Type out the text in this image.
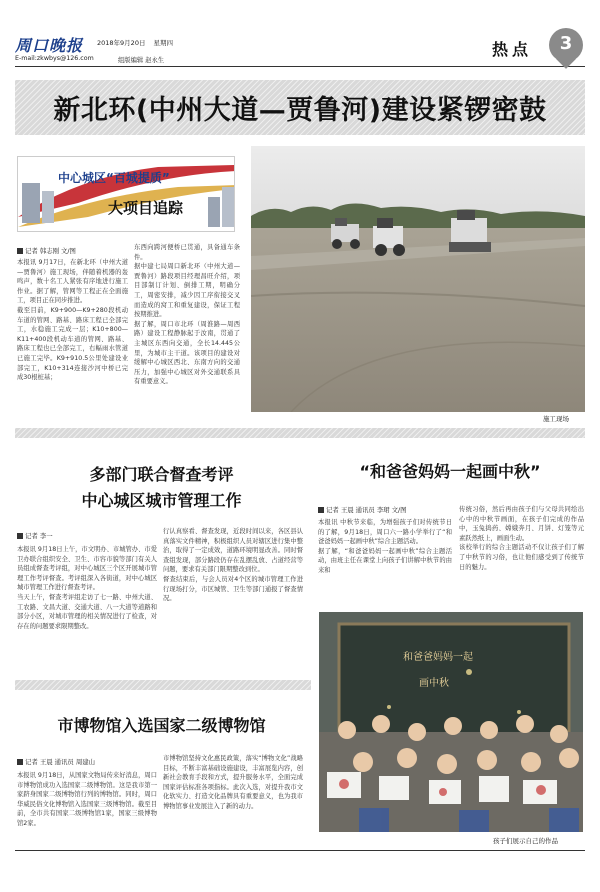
周口晚报 2018年9月20日 星期四
E-mail:zkwbys@126.com	组版编辑 赵永生
热点	3
新北环(中州大道—贾鲁河)建设紧锣密鼓
中心城区“百城提质”
大项目追踪
记者 韩志刚 文/图
本报讯 9月17日，在新北环（中州大道—贾鲁河）施工现场，伴随着机器的轰鸣声，数十名工人紧张有序地进行施工作业。据了解，管网等工程正在全面施工，项目正在同步推进。
截至目前，K9+900—K9+280段机动车道的管网、路基、路床工程已全部完工，水稳施工完成一层；K10+800—K11+400段机动车道的管网、路基、路床工程也已全部完工，右幅雨水管道已施工完毕。K9+910.5公里处建设业部完工，K10+314连接沙河中桥已完成30根桩基；
东西向跨河便桥已贯通，具备通车条件。
据中建七局周口新北环（中州大道—贾鲁河）路段项目经理昌旺介绍，项目部制订计划、倒排工期，明确分工，周密安排，减少因工序衔接交叉而造成的窝工和重复建设，保证工程按期推进。
据了解，周口市北环（周淮路—周西路）建设工程静脉起于汝南，贯通了主城区东西向交通，全长14.445公里，为城市主干道。该项目的建设对缓解中心城区西北、东南方向的交通压力，加强中心城区对外交通联系具有重要意义。
施工现场
多部门联合督查考评
中心城区城市管理工作
记者 李一
本报讯 9月18日上午，市文明办、市城管办、市爱卫办联合组织安全、卫生、市容市貌等部门有关人员组成督查考评组，对中心城区三个区开展城市管理工作考评督查。考评组深入各街道，对中心城区城市管理工作进行督查考评。
当天上午，督查考评组走访了七一路、中州大道、工农路、文昌大道、交通大道、八一大道等道路和部分小区，对城市管理的相关情况进行了检查，对存在的问题要求限期整改。
行认真察看、督查发现，近段时间以来，各区县认真落实文件精神，积极组织人员对辖区进行集中整治，取得了一定成效，道路环境明显改善。同时督查组发现，部分路段仍存在乱摆乱放、占道经营等问题，要求有关部门限期整改到位。
督查结束后，与会人员对4个区的城市管理工作进行现场打分，市区城管、卫生等部门通报了督查情况。
市博物馆入选国家二级博物馆
记者 王晨 通讯员 周建山
本报讯 9月18日，从国家文物局传来好消息，周口市博物馆成功入选国家二级博物馆。这是我市第一家跻身国家二级博物馆行列的博物馆。同时，周口华威民俗文化博物馆入选国家三级博物馆。截至目前，全市共有国家二级博物馆1家，国家三级博物馆2家。
市博物馆坚持文化惠民政策，落实“博物文化”战略目标，不断丰富基础设施建设，丰富展览内容，创新社会教育手段和方式，提升服务水平，全面完成国家评估标准各项指标。此次入选，对提升我市文化软实力、打造文化品牌具有重要意义，也为我市博物馆事业发展注入了新的动力。
“和爸爸妈妈一起画中秋”
记者 王晨 通讯员 李珺 文/图
本报讯 中秋节来临，为增强孩子们对传统节日的了解，9月18日，周口六一路小学举行了“和爸爸妈妈一起画中秋”综合主题活动。
据了解，“和爸爸妈妈一起画中秋”综合主题活动，由班主任在课堂上向孩子们讲解中秋节的由来和
传统习俗，然后再由孩子们与父母共同绘出心中的中秋节画面，在孩子们完成的作品中，玉兔捣药、嫦娥奔月、月饼、灯笼等元素跃然纸上，画面生动。
该校举行的综合主题活动不仅让孩子们了解了中秋节的习俗，也让他们感受到了传统节日的魅力。
和爸爸妈妈一起
画中秋
孩子们展示自己的作品
